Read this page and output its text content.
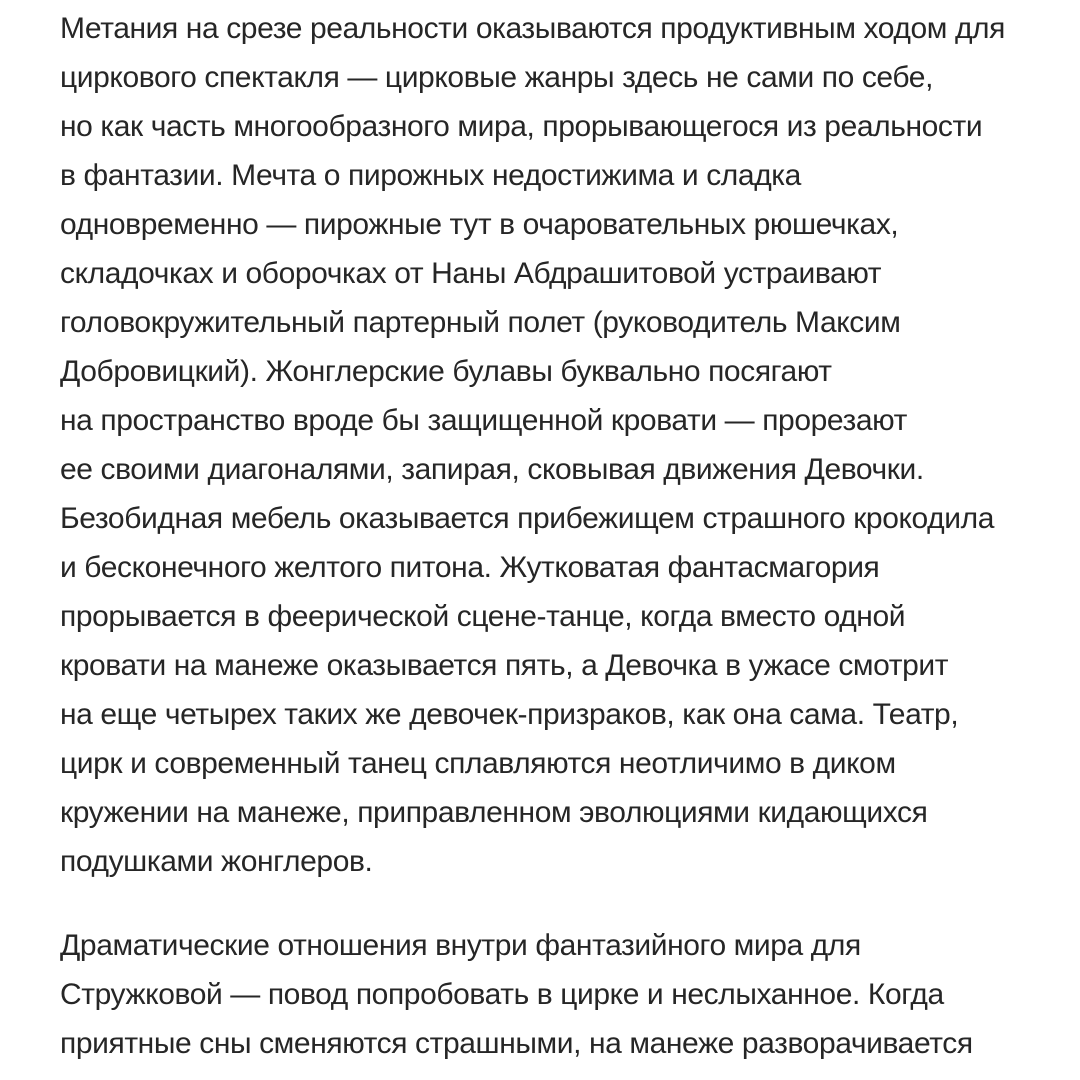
Метания на срезе реальности оказываются продуктивным ходом для
циркового спектакля — цирковые жанры здесь не сами по себе,
но как часть многообразного мира, прорывающегося из реальности
в фантазии. Мечта о пирожных недостижима и сладка
одновременно — пирожные тут в очаровательных рюшечках,
складочках и оборочках от Наны Абдрашитовой устраивают
головокружительный партерный полет (руководитель Максим
Добровицкий). Жонглерские булавы буквально посягают
на пространство вроде бы защищенной кровати — прорезают
ее своими диагоналями, запирая, сковывая движения Девочки.
Безобидная мебель оказывается прибежищем страшного крокодила
и бесконечного желтого питона. Жутковатая фантасмагория
прорывается в феерической сцене-танце, когда вместо одной
кровати на манеже оказывается пять, а Девочка в ужасе смотрит
на еще четырех таких же девочек-призраков, как она сама. Театр,
цирк и современный танец сплавляются неотличимо в диком
кружении на манеже, приправленном эволюциями кидающихся
подушками жонглеров.

Драматические отношения внутри фантазийного мира для
Стружковой — повод попробовать в цирке и неслыханное. Когда
приятные сны сменяются страшными, на манеже разворачивается
